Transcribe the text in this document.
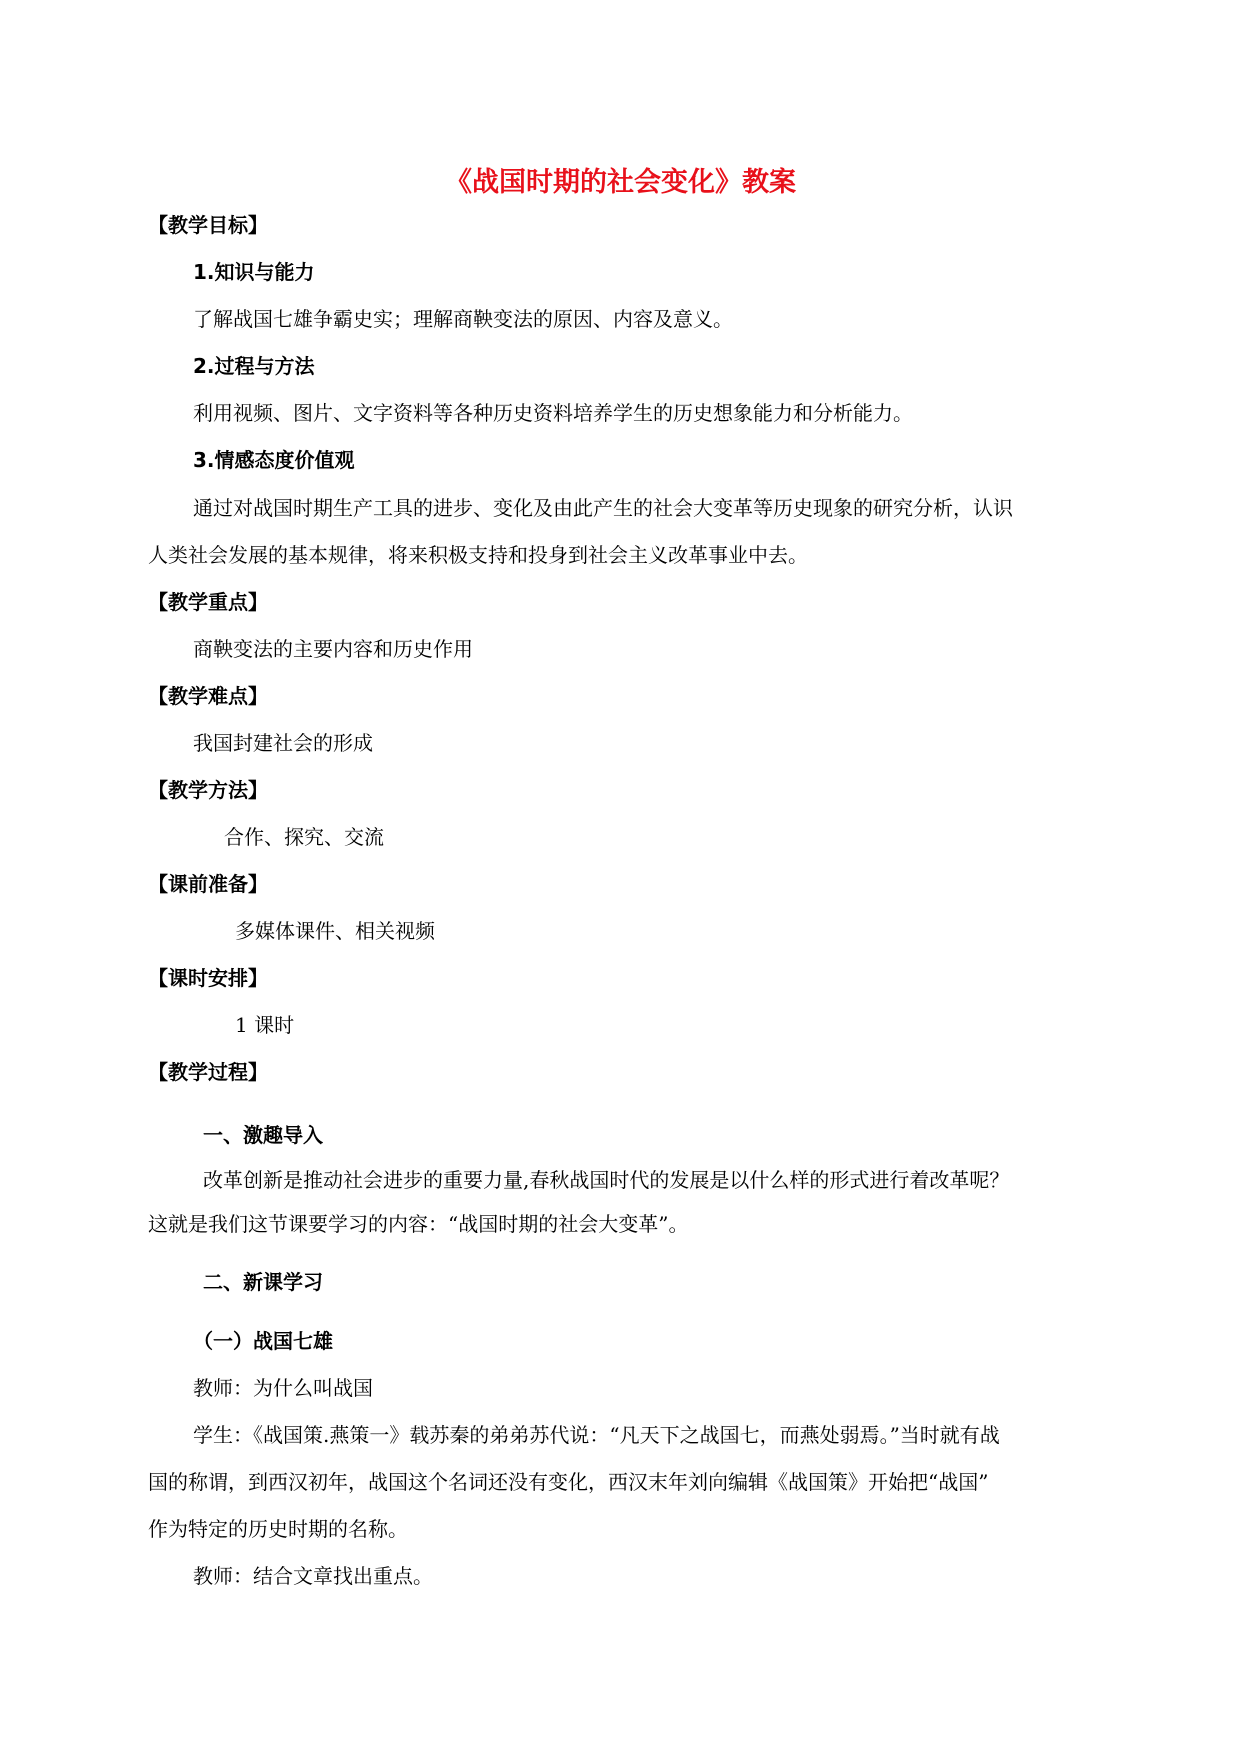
《战国时期的社会变化》教案
【教学目标】
1.知识与能力
了解战国七雄争霸史实；理解商鞅变法的原因、内容及意义。
2.过程与方法
利用视频、图片、文字资料等各种历史资料培养学生的历史想象能力和分析能力。
3.情感态度价值观
通过对战国时期生产工具的进步、变化及由此产生的社会大变革等历史现象的研究分析，认识
人类社会发展的基本规律，将来积极支持和投身到社会主义改革事业中去。
【教学重点】
商鞅变法的主要内容和历史作用
【教学难点】
我国封建社会的形成
【教学方法】
合作、探究、交流
【课前准备】
多媒体课件、相关视频
【课时安排】
1 课时
【教学过程】
一、激趣导入
改革创新是推动社会进步的重要力量,春秋战国时代的发展是以什么样的形式进行着改革呢？
这就是我们这节课要学习的内容：“战国时期的社会大变革”。
二、新课学习
（一）战国七雄
教师：为什么叫战国
学生：《战国策.燕策一》载苏秦的弟弟苏代说：“凡天下之战国七，而燕处弱焉。”当时就有战
国的称谓，到西汉初年，战国这个名词还没有变化，西汉末年刘向编辑《战国策》开始把“战国”
作为特定的历史时期的名称。
教师：结合文章找出重点。
